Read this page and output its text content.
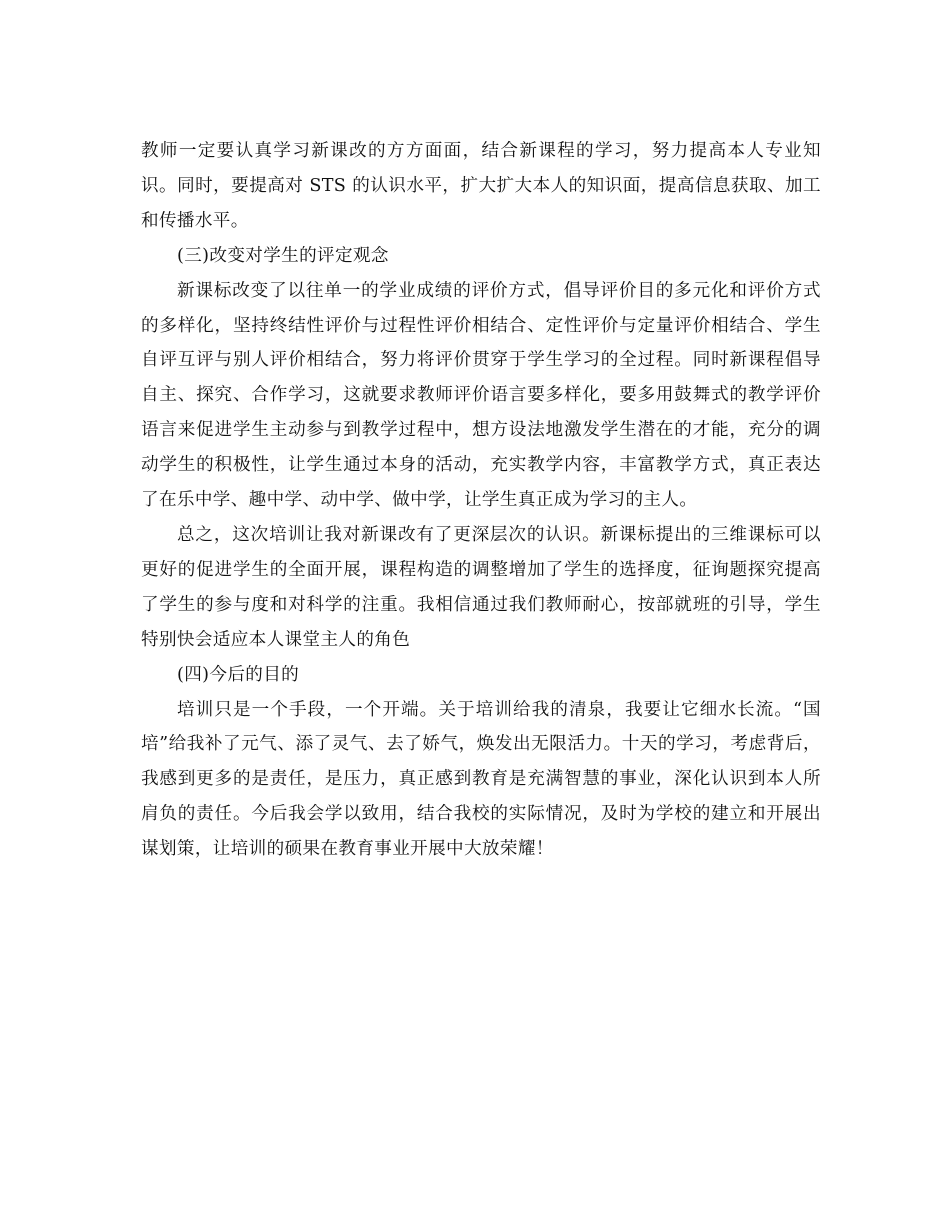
教师一定要认真学习新课改的方方面面，结合新课程的学习，努力提高本人专业知识。同时，要提高对 STS 的认识水平，扩大扩大本人的知识面，提高信息获取、加工和传播水平。

(三)改变对学生的评定观念

新课标改变了以往单一的学业成绩的评价方式，倡导评价目的多元化和评价方式的多样化，坚持终结性评价与过程性评价相结合、定性评价与定量评价相结合、学生自评互评与别人评价相结合，努力将评价贯穿于学生学习的全过程。同时新课程倡导自主、探究、合作学习，这就要求教师评价语言要多样化，要多用鼓舞式的教学评价语言来促进学生主动参与到教学过程中，想方设法地激发学生潜在的才能，充分的调动学生的积极性，让学生通过本身的活动，充实教学内容，丰富教学方式，真正表达了在乐中学、趣中学、动中学、做中学，让学生真正成为学习的主人。

总之，这次培训让我对新课改有了更深层次的认识。新课标提出的三维课标可以更好的促进学生的全面开展，课程构造的调整增加了学生的选择度，征询题探究提高了学生的参与度和对科学的注重。我相信通过我们教师耐心，按部就班的引导，学生特别快会适应本人课堂主人的角色

(四)今后的目的

培训只是一个手段，一个开端。关于培训给我的清泉，我要让它细水长流。“国培”给我补了元气、添了灵气、去了娇气，焕发出无限活力。十天的学习，考虑背后，我感到更多的是责任，是压力，真正感到教育是充满智慧的事业，深化认识到本人所肩负的责任。今后我会学以致用，结合我校的实际情况，及时为学校的建立和开展出谋划策，让培训的硕果在教育事业开展中大放荣耀！
